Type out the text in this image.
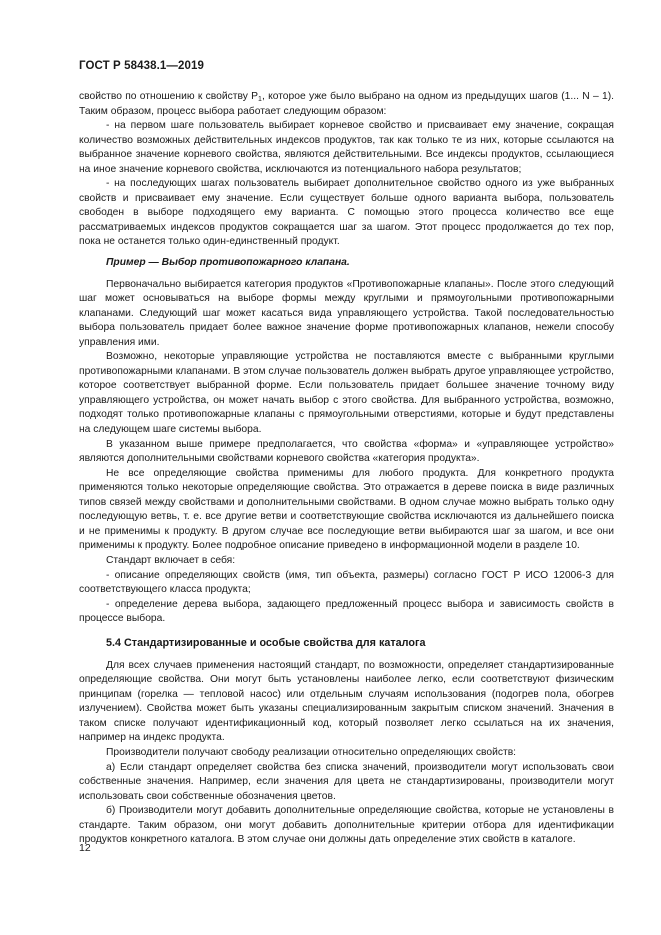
ГОСТ Р 58438.1—2019

свойство по отношению к свойству $P_1$, которое уже было выбрано на одном из предыдущих шагов (1... N – 1). Таким образом, процесс выбора работает следующим образом:

- на первом шаге пользователь выбирает корневое свойство и присваивает ему значение, сокращая количество возможных действительных индексов продуктов, так как только те из них, которые ссылаются на выбранное значение корневого свойства, являются действительными. Все индексы продуктов, ссылающиеся на иное значение корневого свойства, исключаются из потенциального набора результатов;

- на последующих шагах пользователь выбирает дополнительное свойство одного из уже выбранных свойств и присваивает ему значение. Если существует больше одного варианта выбора, пользователь свободен в выборе подходящего ему варианта. С помощью этого процесса количество все еще рассматриваемых индексов продуктов сокращается шаг за шагом. Этот процесс продолжается до тех пор, пока не останется только один-единственный продукт.

Пример — Выбор противопожарного клапана.

Первоначально выбирается категория продуктов «Противопожарные клапаны». После этого следующий шаг может основываться на выборе формы между круглыми и прямоугольными противопожарными клапанами. Следующий шаг может касаться вида управляющего устройства. Такой последовательностью выбора пользователь придает более важное значение форме противопожарных клапанов, нежели способу управления ими.

Возможно, некоторые управляющие устройства не поставляются вместе с выбранными круглыми противопожарными клапанами. В этом случае пользователь должен выбрать другое управляющее устройство, которое соответствует выбранной форме. Если пользователь придает большее значение точному виду управляющего устройства, он может начать выбор с этого свойства. Для выбранного устройства, возможно, подходят только противопожарные клапаны с прямоугольными отверстиями, которые и будут представлены на следующем шаге системы выбора.

В указанном выше примере предполагается, что свойства «форма» и «управляющее устройство» являются дополнительными свойствами корневого свойства «категория продукта».

Не все определяющие свойства применимы для любого продукта. Для конкретного продукта применяются только некоторые определяющие свойства. Это отражается в дереве поиска в виде различных типов связей между свойствами и дополнительными свойствами. В одном случае можно выбрать только одну последующую ветвь, т. е. все другие ветви и соответствующие свойства исключаются из дальнейшего поиска и не применимы к продукту. В другом случае все последующие ветви выбираются шаг за шагом, и все они применимы к продукту. Более подробное описание приведено в информационной модели в разделе 10.

Стандарт включает в себя:

- описание определяющих свойств (имя, тип объекта, размеры) согласно ГОСТ Р ИСО 12006-3 для соответствующего класса продукта;

- определение дерева выбора, задающего предложенный процесс выбора и зависимость свойств в процессе выбора.

5.4 Стандартизированные и особые свойства для каталога

Для всех случаев применения настоящий стандарт, по возможности, определяет стандартизированные определяющие свойства. Они могут быть установлены наиболее легко, если соответствуют физическим принципам (горелка — тепловой насос) или отдельным случаям использования (подогрев пола, обогрев излучением). Свойства может быть указаны специализированным закрытым списком значений. Значения в таком списке получают идентификационный код, который позволяет легко ссылаться на их значения, например на индекс продукта.

Производители получают свободу реализации относительно определяющих свойств:

а) Если стандарт определяет свойства без списка значений, производители могут использовать свои собственные значения. Например, если значения для цвета не стандартизированы, производители могут использовать свои собственные обозначения цветов.

б) Производители могут добавить дополнительные определяющие свойства, которые не установлены в стандарте. Таким образом, они могут добавить дополнительные критерии отбора для идентификации продуктов конкретного каталога. В этом случае они должны дать определение этих свойств в каталоге.

12
